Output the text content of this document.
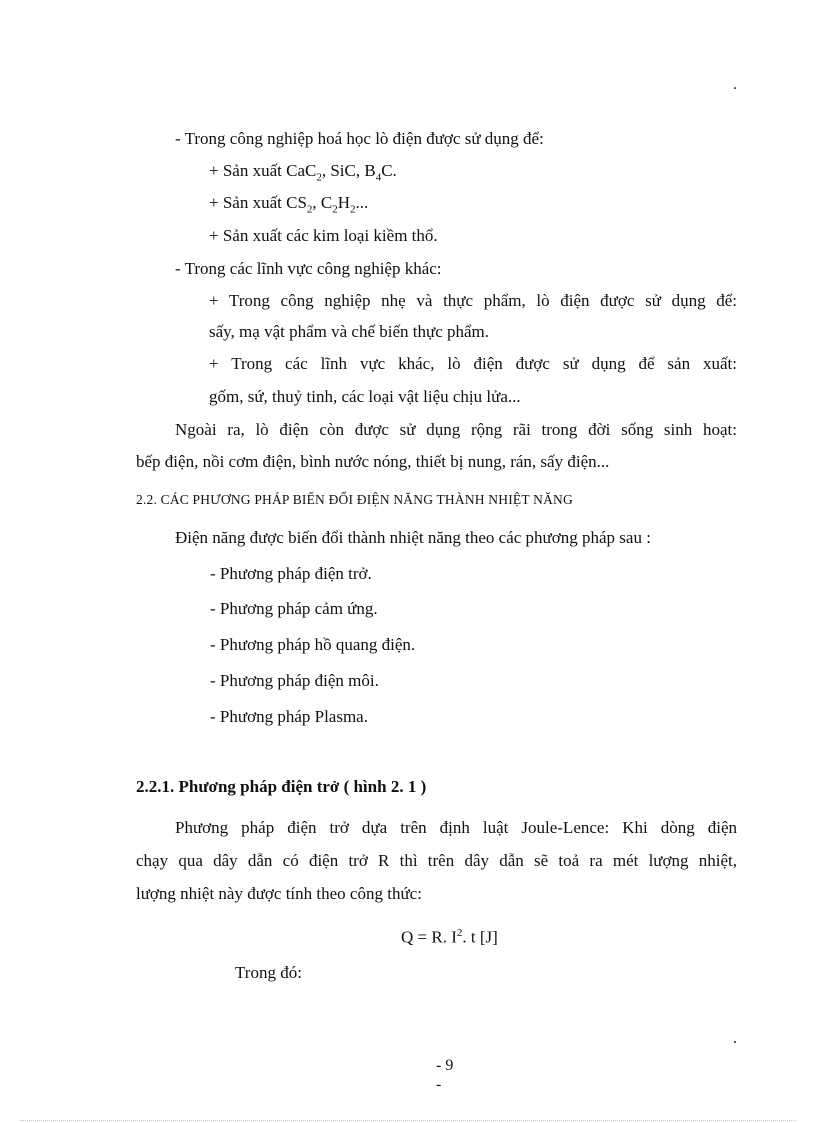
.
- Trong công nghiệp hoá học lò điện được sử dụng để:
+ Sản xuất CaC$_2$, SiC, $B_4C$.
+ Sản xuất $CS_2$, $C_2H_2$...
+ Sản xuất các kim loại kiềm thổ.
- Trong các lĩnh vực công nghiệp khác:
+ Trong công nghiệp nhẹ và thực phẩm, lò điện được sử dụng để:
sấy, mạ vật phẩm và chế biến thực phẩm.
+ Trong các lĩnh vực khác, lò điện được sử dụng để sản xuất:
gốm, sứ, thuỷ tinh, các loại vật liệu chịu lửa...
Ngoài ra, lò điện còn được sử dụng rộng rãi trong đời sống sinh hoạt:
bếp điện, nồi cơm điện, bình nước nóng, thiết bị nung, rán, sấy điện...
2.2. CÁC PHƯƠNG PHÁP BIẾN ĐỔI ĐIỆN NĂNG THÀNH NHIỆT NĂNG
Điện năng được biến đổi thành nhiệt năng theo các phương pháp sau :
- Phương pháp điện trở.
- Phương pháp cảm ứng.
- Phương pháp hồ quang điện.
- Phương pháp điện môi.
- Phương pháp Plasma.
2.2.1. Phương pháp điện trở ( hình 2. 1 )
Phương pháp điện trở dựa trên định luật Joule-Lence: Khi dòng điện
chạy qua dây dẫn có điện trở R thì trên dây dẫn sẽ toả ra mét lượng nhiệt,
lượng nhiệt này được tính theo công thức:
Q = R. $I^2$. t [J]
Trong đó:
.
- 9
-
